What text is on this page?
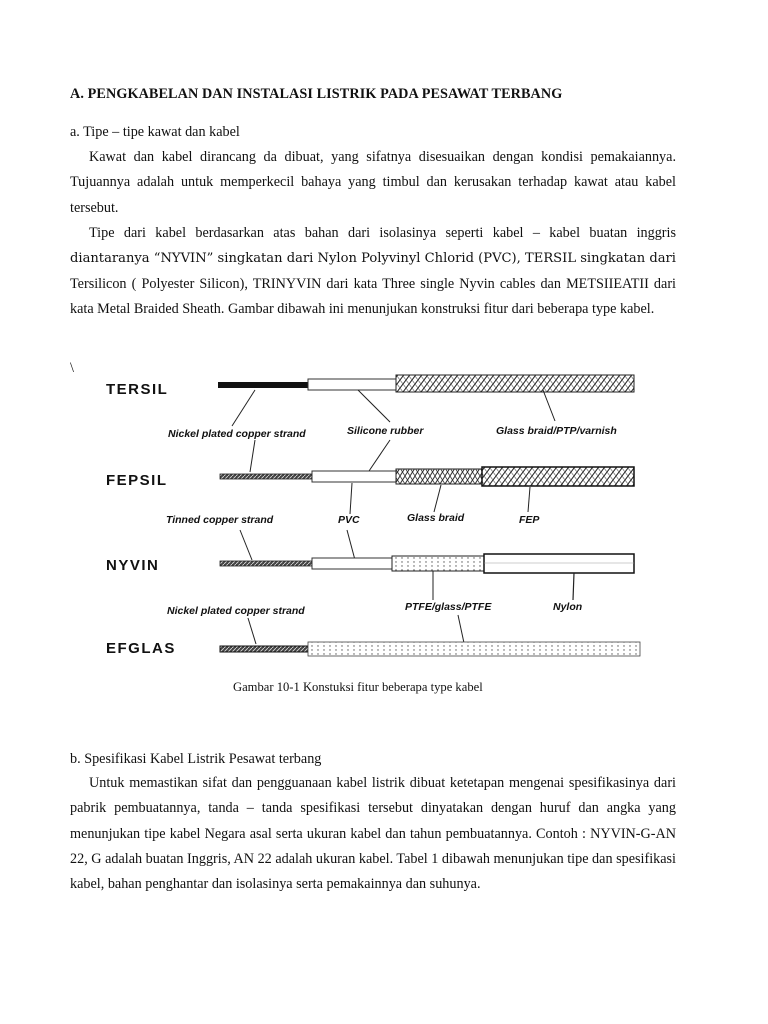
A. PENGKABELAN DAN INSTALASI LISTRIK PADA PESAWAT TERBANG
a. Tipe – tipe kawat dan kabel
Kawat dan kabel dirancang da dibuat, yang sifatnya disesuaikan dengan kondisi pemakaiannya. Tujuannya adalah untuk memperkecil bahaya yang timbul dan kerusakan terhadap kawat atau kabel tersebut.
Tipe dari kabel berdasarkan atas bahan dari isolasinya seperti kabel – kabel buatan inggris diantaranya “NYVIN” singkatan dari Nylon Polyvinyl Chlorid (PVC), TERSIL singkatan dari Tersilicon ( Polyester Silicon), TRINYVIN dari kata Three single Nyvin cables dan METSIIEATII dari kata Metal Braided Sheath. Gambar dibawah ini menunjukan konstruksi fitur dari beberapa type kabel.
\
TERSIL
Nickel plated copper strand	Silicone rubber	Glass braid/PTP/varnish
FEPSIL
Tinned copper strand	PVC	Glass braid	FEP
NYVIN
Nickel plated copper strand	PTFE/glass/PTFE	Nylon
EFGLAS
Gambar 10-1 Konstuksi fitur beberapa type kabel
b. Spesifikasi Kabel Listrik Pesawat terbang
Untuk memastikan sifat dan pengguanaan kabel listrik dibuat ketetapan mengenai spesifikasinya dari pabrik pembuatannya, tanda – tanda spesifikasi tersebut dinyatakan dengan huruf dan angka yang menunjukan tipe kabel Negara asal serta ukuran kabel dan tahun pembuatannya. Contoh : NYVIN-G-AN 22, G adalah buatan Inggris, AN 22 adalah ukuran kabel. Tabel 1 dibawah menunjukan tipe dan spesifikasi kabel, bahan penghantar dan isolasinya serta pemakainnya dan suhunya.
